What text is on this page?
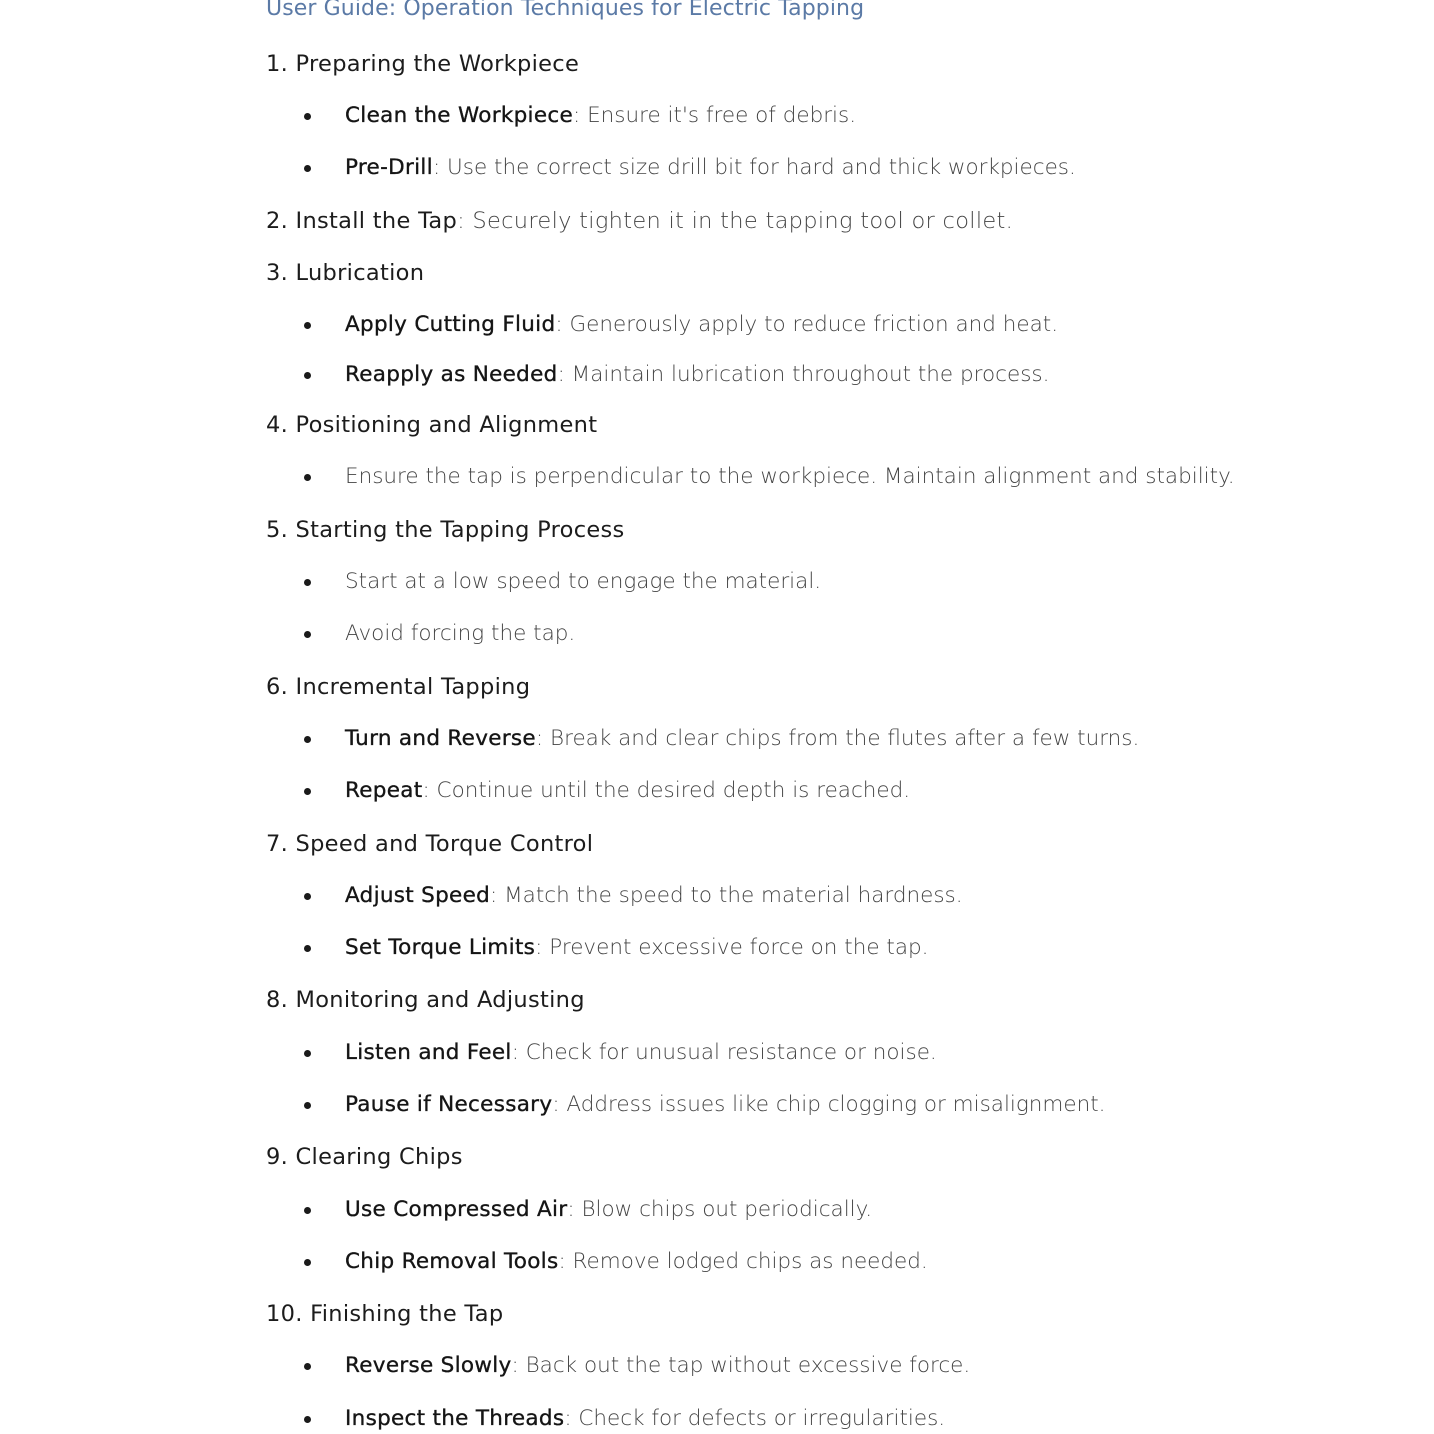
User Guide: Operation Techniques for Electric Tapping
1. Preparing the Workpiece
Clean the Workpiece: Ensure it's free of debris.
Pre-Drill: Use the correct size drill bit for hard and thick workpieces.
2. Install the Tap: Securely tighten it in the tapping tool or collet.
3. Lubrication
Apply Cutting Fluid: Generously apply to reduce friction and heat.
Reapply as Needed: Maintain lubrication throughout the process.
4. Positioning and Alignment
Ensure the tap is perpendicular to the workpiece. Maintain alignment and stability.
5. Starting the Tapping Process
Start at a low speed to engage the material.
Avoid forcing the tap.
6. Incremental Tapping
Turn and Reverse: Break and clear chips from the flutes after a few turns.
Repeat: Continue until the desired depth is reached.
7. Speed and Torque Control
Adjust Speed: Match the speed to the material hardness.
Set Torque Limits: Prevent excessive force on the tap.
8. Monitoring and Adjusting
Listen and Feel: Check for unusual resistance or noise.
Pause if Necessary: Address issues like chip clogging or misalignment.
9. Clearing Chips
Use Compressed Air: Blow chips out periodically.
Chip Removal Tools: Remove lodged chips as needed.
10. Finishing the Tap
Reverse Slowly: Back out the tap without excessive force.
Inspect the Threads: Check for defects or irregularities.
